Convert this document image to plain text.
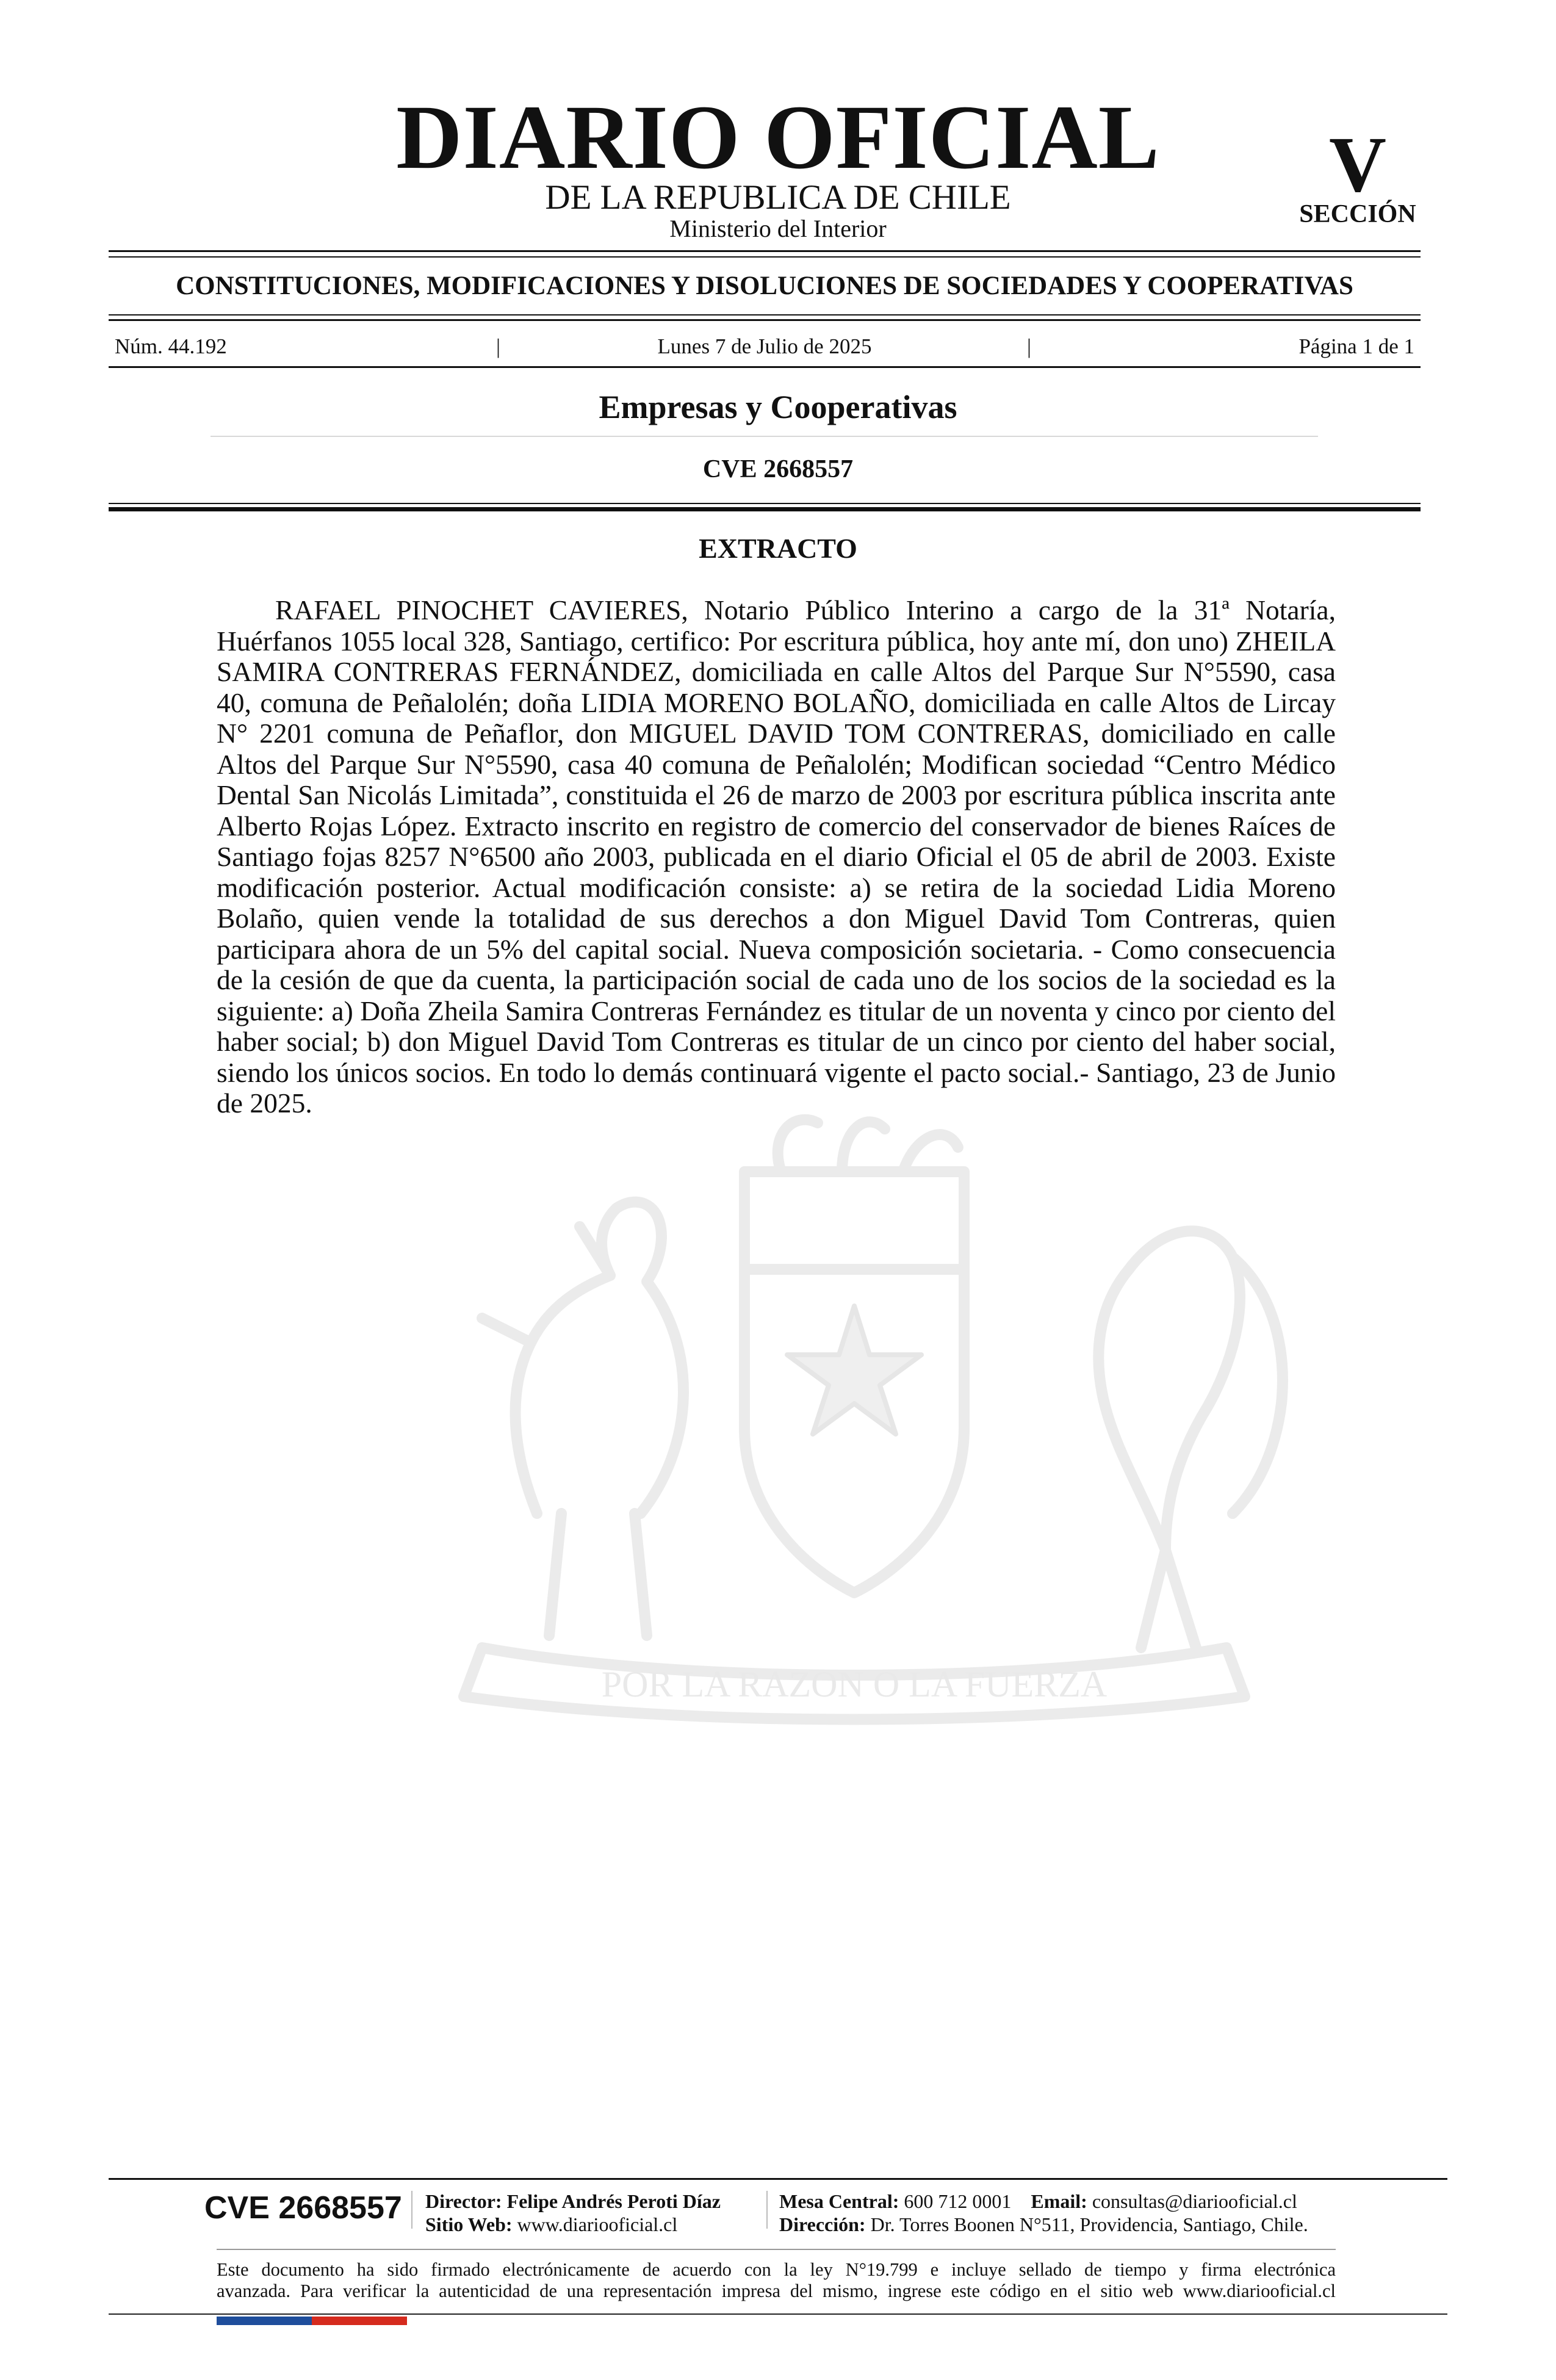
POR LA RAZON O LA FUERZA
DIARIO OFICIAL
DE LA REPUBLICA DE CHILE
Ministerio del Interior
V
SECCIÓN
CONSTITUCIONES, MODIFICACIONES Y DISOLUCIONES DE SOCIEDADES Y COOPERATIVAS
Núm. 44.192	|	Lunes 7 de Julio de 2025	|	Página 1 de 1
Empresas y Cooperativas
CVE 2668557
EXTRACTO
RAFAEL PINOCHET CAVIERES, Notario Público Interino a cargo de la 31ª Notaría, Huérfanos 1055 local 328, Santiago, certifico: Por escritura pública, hoy ante mí, don uno) ZHEILA SAMIRA CONTRERAS FERNÁNDEZ, domiciliada en calle Altos del Parque Sur N°5590, casa 40, comuna de Peñalolén; doña LIDIA MORENO BOLAÑO, domiciliada en calle Altos de Lircay N° 2201 comuna de Peñaflor, don MIGUEL DAVID TOM CONTRERAS, domiciliado en calle Altos del Parque Sur N°5590, casa 40 comuna de Peñalolén; Modifican sociedad “Centro Médico Dental San Nicolás Limitada”, constituida el 26 de marzo de 2003 por escritura pública inscrita ante Alberto Rojas López. Extracto inscrito en registro de comercio del conservador de bienes Raíces de Santiago fojas 8257 N°6500 año 2003, publicada en el diario Oficial el 05 de abril de 2003. Existe modificación posterior. Actual modificación consiste: a) se retira de la sociedad Lidia Moreno Bolaño, quien vende la totalidad de sus derechos a don Miguel David Tom Contreras, quien participara ahora de un 5% del capital social. Nueva composición societaria. - Como consecuencia de la cesión de que da cuenta, la participación social de cada uno de los socios de la sociedad es la siguiente: a) Doña Zheila Samira Contreras Fernández es titular de un noventa y cinco por ciento del haber social; b) don Miguel David Tom Contreras es titular de un cinco por ciento del haber social, siendo los únicos socios. En todo lo demás continuará vigente el pacto social.- Santiago, 23 de Junio de 2025.
CVE 2668557 Director: Felipe Andrés Peroti Díaz
Sitio Web: www.diariooficial.cl
Mesa Central: 600 712 0001 Email: consultas@diariooficial.cl
Dirección: Dr. Torres Boonen N°511, Providencia, Santiago, Chile.
Este documento ha sido firmado electrónicamente de acuerdo con la ley N°19.799 e incluye sellado de tiempo y firma electrónica
avanzada. Para verificar la autenticidad de una representación impresa del mismo, ingrese este código en el sitio web www.diariooficial.cl
